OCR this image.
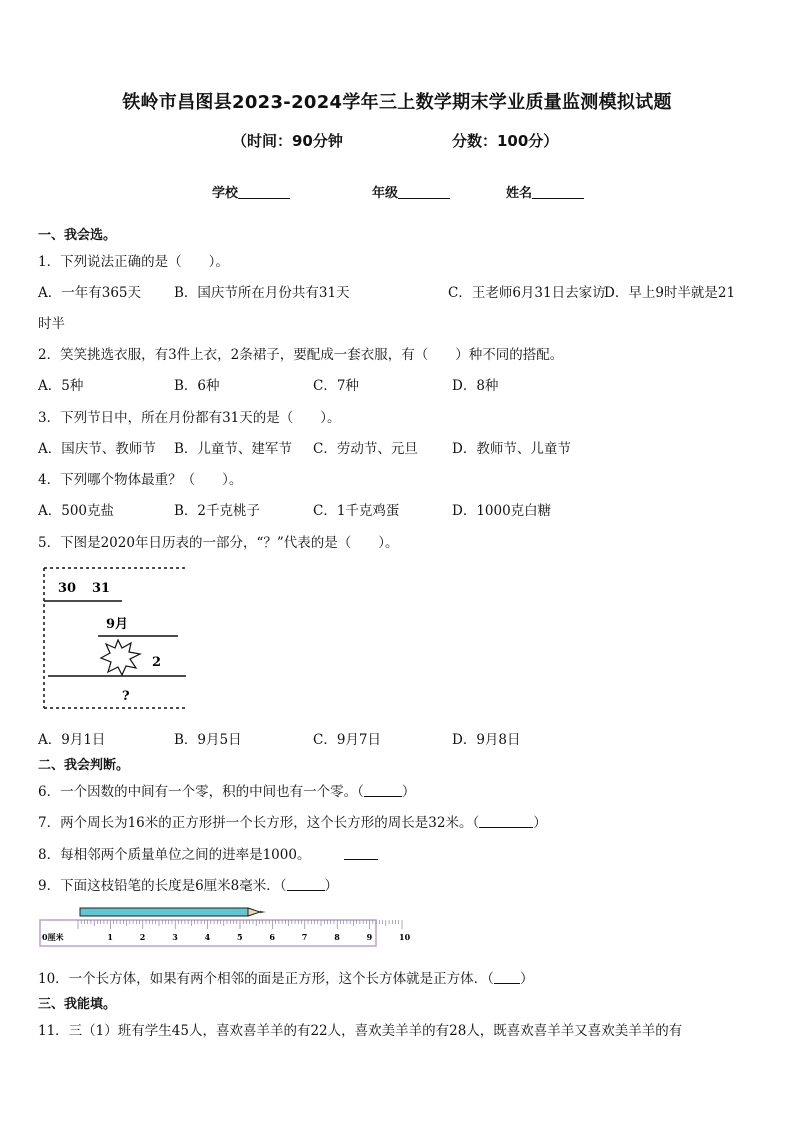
铁岭市昌图县2023-2024学年三上数学期末学业质量监测模拟试题
（时间：90分钟	分数：100分）
学校	年级	姓名
一、我会选。
1．下列说法正确的是（　　）。
A．一年有365天 B．国庆节所在月份共有31天	C．王老师6月31日去家访
D．早上9时半就是21
时半
2．笑笑挑选衣服，有3件上衣，2条裙子，要配成一套衣服，有（　　）种不同的搭配。
A．5种	B．6种	C．7种	D．8种
3．下列节日中，所在月份都有31天的是（　　）。
A．国庆节、教师节 B．儿童节、建军节 C．劳动节、元旦	D．教师节、儿童节
4．下列哪个物体最重？（　　）。
A．500克盐	B．2千克桃子	C．1千克鸡蛋	D．1000克白糖
5．下图是2020年日历表的一部分，“？”代表的是（　　）。
30 31
9月
2
?
A．9月1日	B．9月5日	C．9月7日	D．9月8日
二、我会判断。
6．一个因数的中间有一个零，积的中间也有一个零。（	）
7．两个周长为16米的正方形拼一个长方形，这个长方形的周长是32米。（	）
8．每相邻两个质量单位之间的进率是1000。
9．下面这枝铅笔的长度是6厘米8毫米．（	）
0厘米	1	2	3	4	5	6	7	8	9	10
10．一个长方体，如果有两个相邻的面是正方形，这个长方体就是正方体．（ ）
三、我能填。
11．三（1）班有学生45人，喜欢喜羊羊的有22人，喜欢美羊羊的有28人，既喜欢喜羊羊又喜欢美羊羊的有
